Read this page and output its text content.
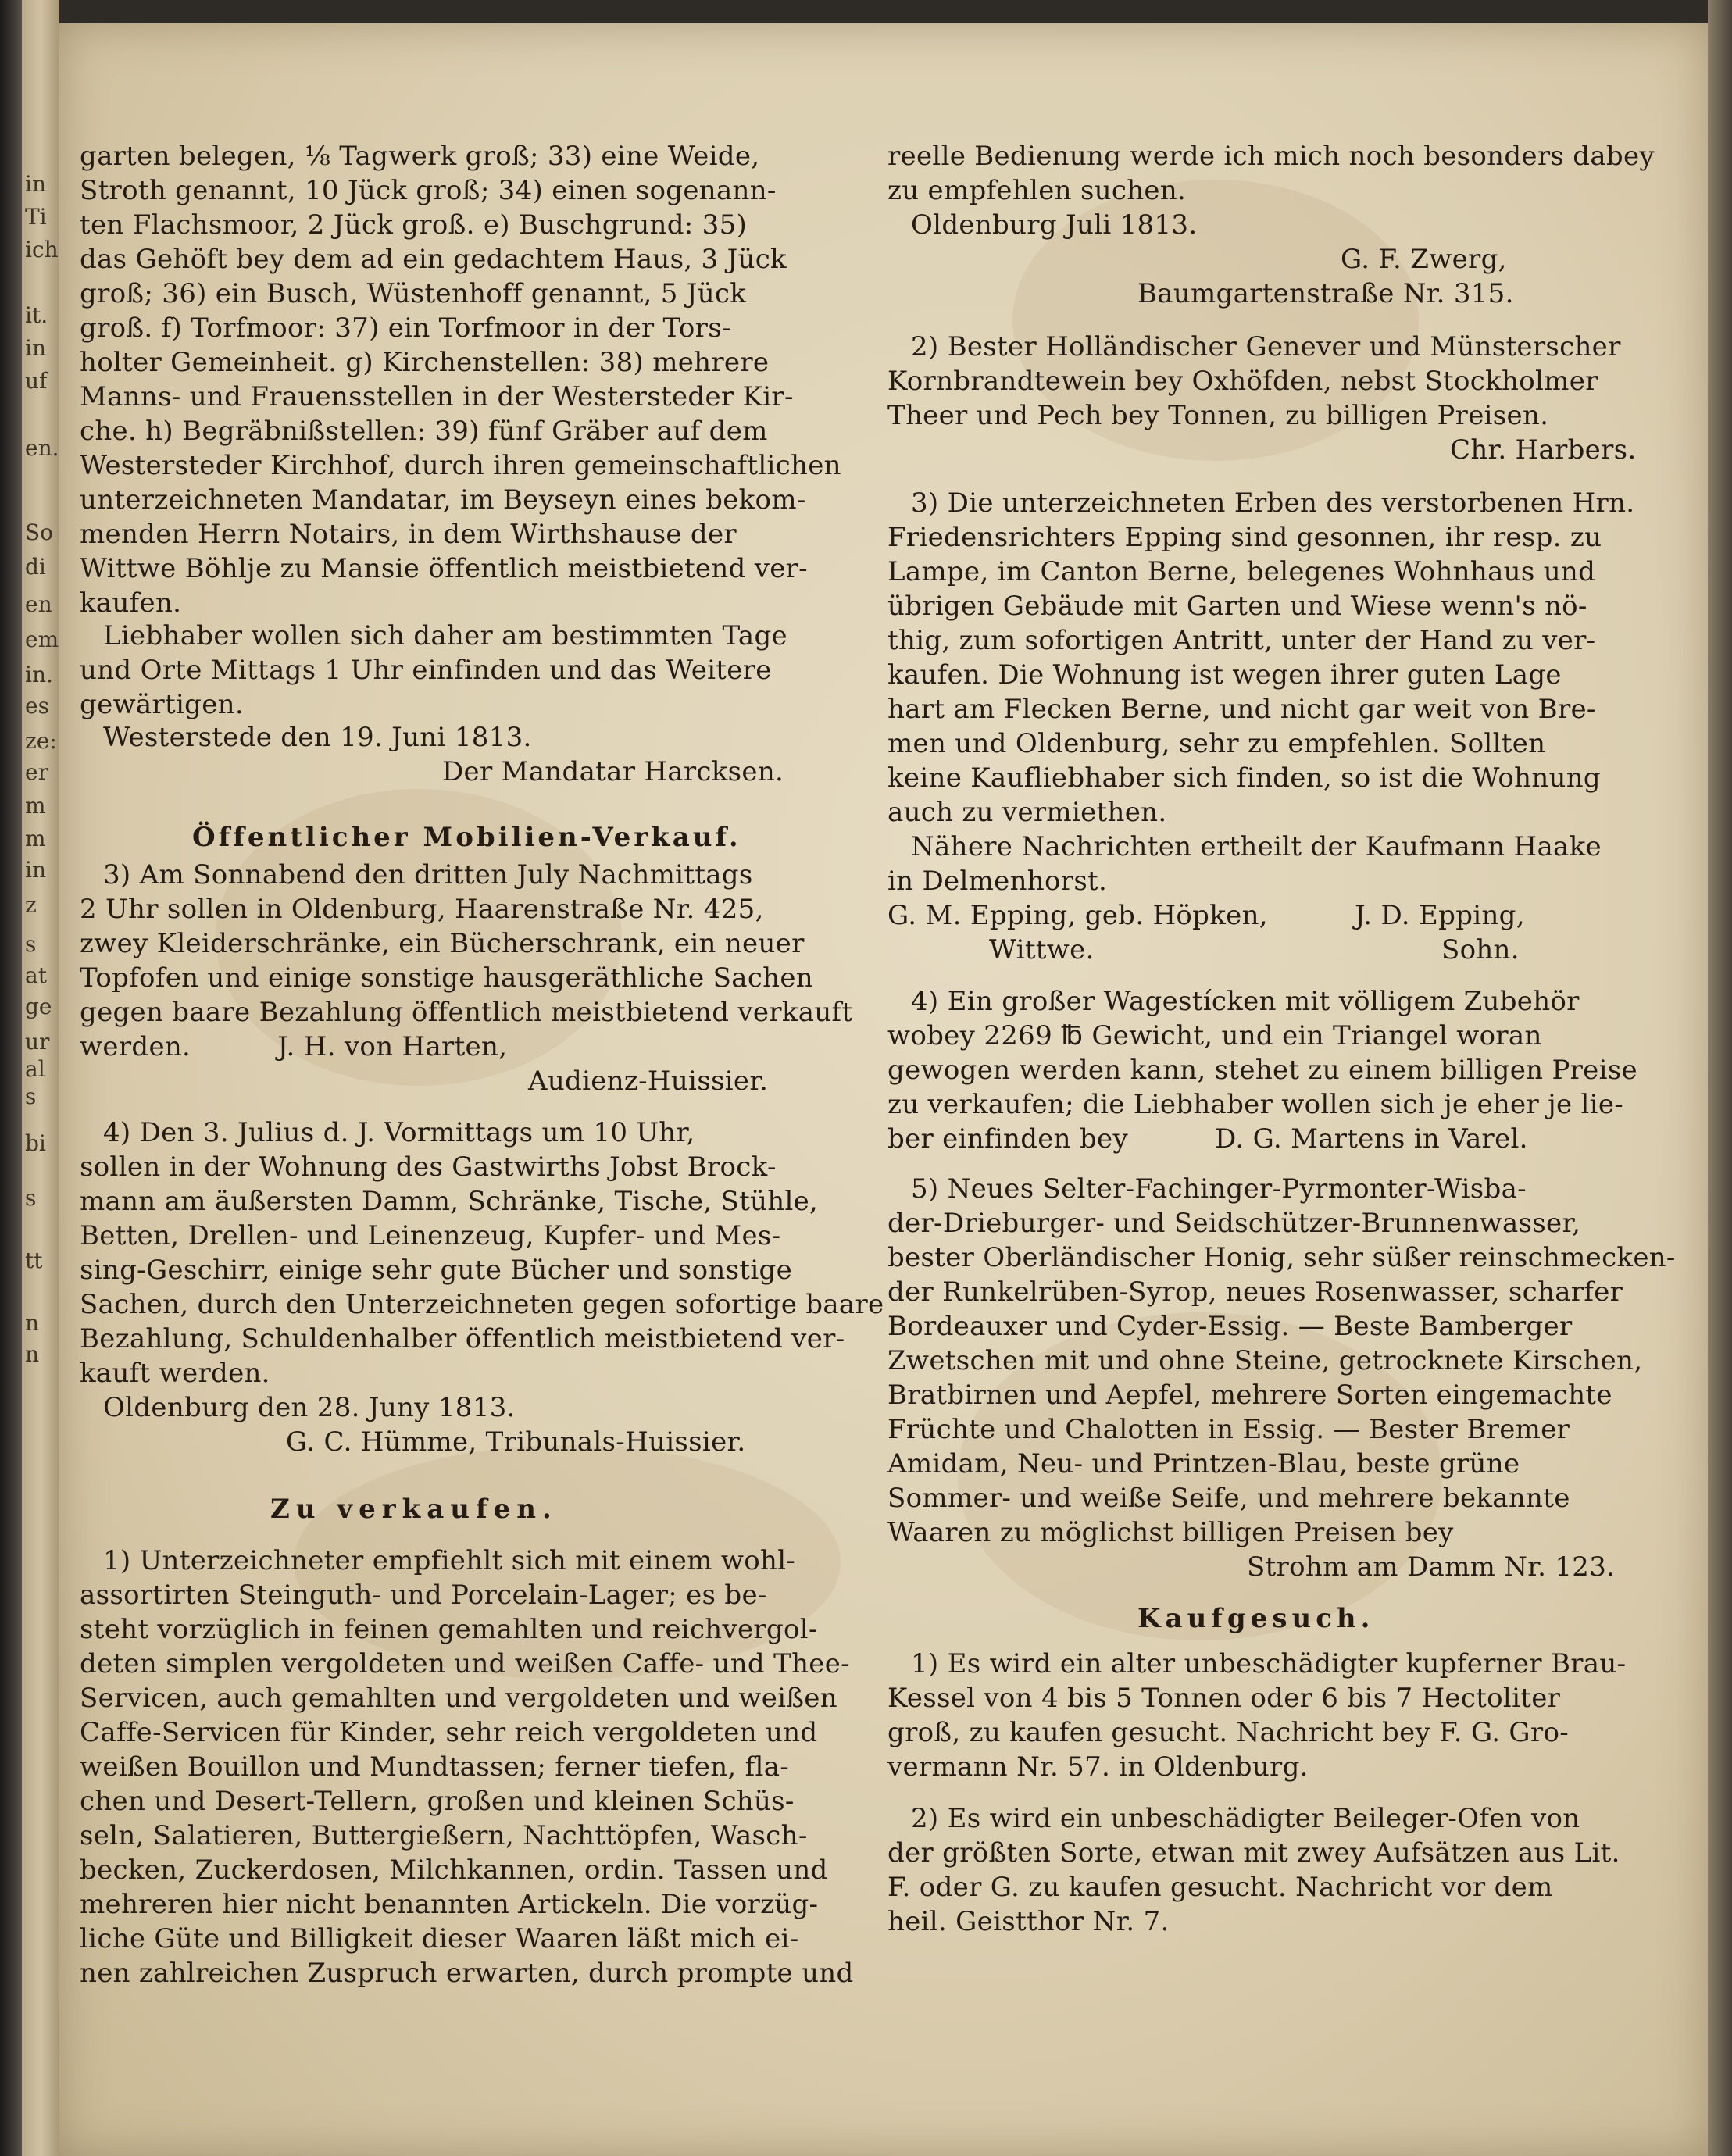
in
Ti
ich
it.
in
uf
en.
So
di
en
em
in.
es
ze:
er
m
m
in
z
s
at
ge
ur
al
s
bi
s
tt
n
n
garten belegen, ⅛ Tagwerk groß; 33) eine Weide,
Stroth genannt, 10 Jück groß; 34) einen sogenann-
ten Flachsmoor, 2 Jück groß. e) Buschgrund: 35)
das Gehöft bey dem ad ein gedachtem Haus, 3 Jück
groß; 36) ein Busch, Wüstenhoff genannt, 5 Jück
groß. f) Torfmoor: 37) ein Torfmoor in der Tors-
holter Gemeinheit. g) Kirchenstellen: 38) mehrere
Manns- und Frauensstellen in der Westersteder Kir-
che. h) Begräbnißstellen: 39) fünf Gräber auf dem
Westersteder Kirchhof, durch ihren gemeinschaftlichen
unterzeichneten Mandatar, im Beyseyn eines bekom-
menden Herrn Notairs, in dem Wirthshause der
Wittwe Böhlje zu Mansie öffentlich meistbietend ver-
kaufen.
Liebhaber wollen sich daher am bestimmten Tage
und Orte Mittags 1 Uhr einfinden und das Weitere
gewärtigen.
Westerstede den 19. Juni 1813.
Der Mandatar Harcksen.
Öffentlicher Mobilien-Verkauf.
3) Am Sonnabend den dritten July Nachmittags
2 Uhr sollen in Oldenburg, Haarenstraße Nr. 425,
zwey Kleiderschränke, ein Bücherschrank, ein neuer
Topfofen und einige sonstige hausgeräthliche Sachen
gegen baare Bezahlung öffentlich meistbietend verkauft
werden.          J. H. von Harten,
Audienz-Huissier.
4) Den 3. Julius d. J. Vormittags um 10 Uhr,
sollen in der Wohnung des Gastwirths Jobst Brock-
mann am äußersten Damm, Schränke, Tische, Stühle,
Betten, Drellen- und Leinenzeug, Kupfer- und Mes-
sing-Geschirr, einige sehr gute Bücher und sonstige
Sachen, durch den Unterzeichneten gegen sofortige baare
Bezahlung, Schuldenhalber öffentlich meistbietend ver-
kauft werden.
Oldenburg den 28. Juny 1813.
G. C. Hümme, Tribunals-Huissier.
Zu verkaufen.
1) Unterzeichneter empfiehlt sich mit einem wohl-
assortirten Steinguth- und Porcelain-Lager; es be-
steht vorzüglich in feinen gemahlten und reichvergol-
deten simplen vergoldeten und weißen Caffe- und Thee-
Servicen, auch gemahlten und vergoldeten und weißen
Caffe-Servicen für Kinder, sehr reich vergoldeten und
weißen Bouillon und Mundtassen; ferner tiefen, fla-
chen und Desert-Tellern, großen und kleinen Schüs-
seln, Salatieren, Buttergießern, Nachttöpfen, Wasch-
becken, Zuckerdosen, Milchkannen, ordin. Tassen und
mehreren hier nicht benannten Artickeln. Die vorzüg-
liche Güte und Billigkeit dieser Waaren läßt mich ei-
nen zahlreichen Zuspruch erwarten, durch prompte und
reelle Bedienung werde ich mich noch besonders dabey
zu empfehlen suchen.
Oldenburg Juli 1813.
G. F. Zwerg,
Baumgartenstraße Nr. 315.
2) Bester Holländischer Genever und Münsterscher
Kornbrandtewein bey Oxhöfden, nebst Stockholmer
Theer und Pech bey Tonnen, zu billigen Preisen.
Chr. Harbers.
3) Die unterzeichneten Erben des verstorbenen Hrn.
Friedensrichters Epping sind gesonnen, ihr resp. zu
Lampe, im Canton Berne, belegenes Wohnhaus und
übrigen Gebäude mit Garten und Wiese wenn's nö-
thig, zum sofortigen Antritt, unter der Hand zu ver-
kaufen. Die Wohnung ist wegen ihrer guten Lage
hart am Flecken Berne, und nicht gar weit von Bre-
men und Oldenburg, sehr zu empfehlen. Sollten
keine Kaufliebhaber sich finden, so ist die Wohnung
auch zu vermiethen.
Nähere Nachrichten ertheilt der Kaufmann Haake
in Delmenhorst.
G. M. Epping, geb. Höpken,          J. D. Epping,
Wittwe.                                        Sohn.
4) Ein großer Wagestícken mit völligem Zubehör
wobey 2269 ℔ Gewicht, und ein Triangel woran
gewogen werden kann, stehet zu einem billigen Preise
zu verkaufen; die Liebhaber wollen sich je eher je lie-
ber einfinden bey          D. G. Martens in Varel.
5) Neues Selter-Fachinger-Pyrmonter-Wisba-
der-Drieburger- und Seidschützer-Brunnenwasser,
bester Oberländischer Honig, sehr süßer reinschmecken-
der Runkelrüben-Syrop, neues Rosenwasser, scharfer
Bordeauxer und Cyder-Essig. — Beste Bamberger
Zwetschen mit und ohne Steine, getrocknete Kirschen,
Bratbirnen und Aepfel, mehrere Sorten eingemachte
Früchte und Chalotten in Essig. — Bester Bremer
Amidam, Neu- und Printzen-Blau, beste grüne
Sommer- und weiße Seife, und mehrere bekannte
Waaren zu möglichst billigen Preisen bey
Strohm am Damm Nr. 123.
Kaufgesuch.
1) Es wird ein alter unbeschädigter kupferner Brau-
Kessel von 4 bis 5 Tonnen oder 6 bis 7 Hectoliter
groß, zu kaufen gesucht. Nachricht bey F. G. Gro-
vermann Nr. 57. in Oldenburg.
2) Es wird ein unbeschädigter Beileger-Ofen von
der größten Sorte, etwan mit zwey Aufsätzen aus Lit.
F. oder G. zu kaufen gesucht. Nachricht vor dem
heil. Geistthor Nr. 7.
